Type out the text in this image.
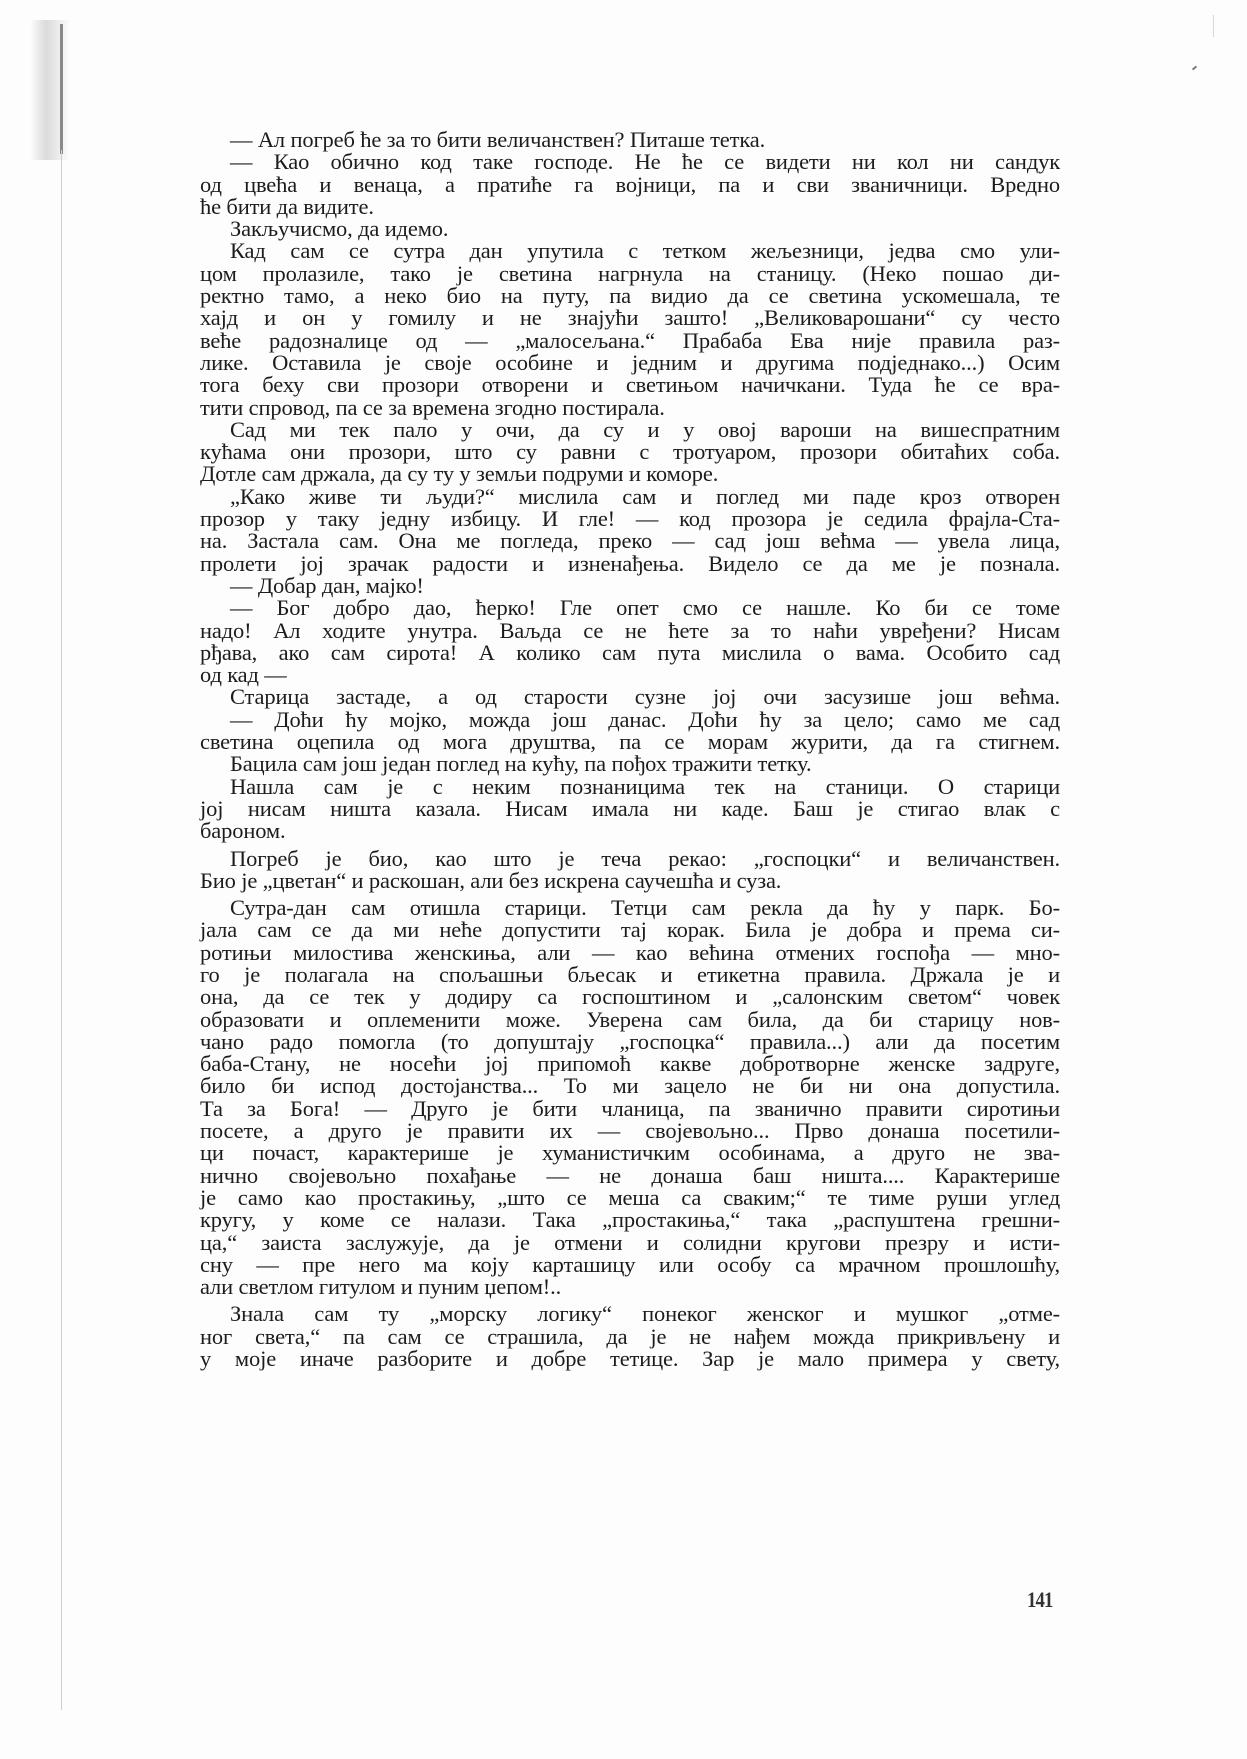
— Ал погреб ће за то бити величанствен? Питаше тетка.
— Као обично код таке господе. Не ће се видети ни кол ни сандук
од цвећа и венаца, а пратиће га војници, па и сви званичници. Вредно
ће бити да видите.
Закључисмо, да идемо.
Кад сам се сутра дан упутила с тетком жељезници, једва смо ули-
цом пролазиле, тако је светина нагрнула на станицу. (Неко пошао ди-
ректно тамо, а неко био на путу, па видио да се светина ускомешала, те
хајд и он у гомилу и не знајући зашто! „Великоварошани“ су често
веће радозналице од — „малосељана.“ Прабаба Ева није правила раз-
лике. Оставила је своје особине и једним и другима подједнако...) Осим
тога беху сви прозори отворени и светињом начичкани. Туда ће се вра-
тити спровод, па се за времена згодно постирала.
Сад ми тек пало у очи, да су и у овој вароши на вишеспратним
кућама они прозори, што су равни с тротуаром, прозори обитаћих соба.
Дотле сам држала, да су ту у земљи подруми и коморе.
„Како живе ти људи?“ мислила сам и поглед ми паде кроз отворен
прозор у таку једну избицу. И гле! — код прозора је седила фрајла-Ста-
на. Застала сам. Она ме погледа, преко — сад још већма — увела лица,
пролети јој зрачак радости и изненађења. Видело се да ме је познала.
— Добар дан, мајко!
— Бог добро дао, ћерко! Гле опет смо се нашле. Ко би се томе
надо! Ал ходите унутра. Ваљда се не ћете за то наћи увређени? Нисам
рђава, ако сам сирота! А колико сам пута мислила о вама. Особито сад
од кад —
Старица застаде, а од старости сузне јој очи засузише још већма.
— Доћи ћу мојко, можда још данас. Доћи ћу за цело; само ме сад
светина оцепила од мога друштва, па се морам журити, да га стигнем.
Бацила сам још један поглед на кућу, па пођох тражити тетку.
Нашла сам је с неким познаницима тек на станици. О старици
јој нисам ништа казала. Нисам имала ни каде. Баш је стигао влак с
бароном.
Погреб је био, као што је теча рекао: „госпоцки“ и величанствен.
Био је „цветан“ и раскошан, али без искрена саучешћа и суза.
Сутра-дан сам отишла старици. Тетци сам рекла да ћу у парк. Бо-
јала сам се да ми неће допустити тај корак. Била је добра и према си-
ротињи милостива женскиња, али — као већина отмених госпођа — мно-
го је полагала на спољашњи бљесак и етикетна правила. Држала је и
она, да се тек у додиру са госпоштином и „салонским светом“ човек
образовати и оплеменити може. Уверена сам била, да би старицу нов-
чано радо помогла (то допуштају „госпоцка“ правила...) али да посетим
баба-Стану, не носећи јој припомоћ какве добротворне женске задруге,
било би испод достојанства... То ми зацело не би ни она допустила.
Та за Бога! — Друго је бити чланица, па званично правити сиротињи
посете, а друго је правити их — својевољно... Прво донаша посетили-
ци почаст, карактерише је хуманистичким особинама, а друго не зва-
нично својевољно похађање — не донаша баш ништа.... Карактерише
је само као простакињу, „што се меша са сваким;“ те тиме руши углед
кругу, у коме се налази. Така „простакиња,“ така „распуштена грешни-
ца,“ заиста заслужује, да је отмени и солидни кругови презру и исти-
сну — пре него ма коју карташицу или особу са мрачном прошлошћу,
али светлом гитулом и пуним џепом!..
Знала сам ту „морску логику“ понеког женског и мушког „отме-
ног света,“ па сам се страшила, да је не нађем можда прикривљену и
у моје иначе разборите и добре тетице. Зар је мало примера у свету,
141
